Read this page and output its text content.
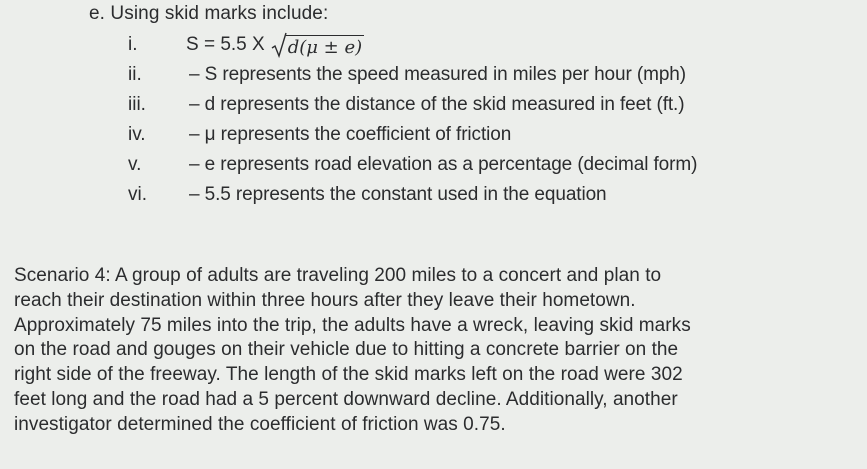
e. Using skid marks include:
i.	S = 5.5 X d(μ ± e)
ii. – S represents the speed measured in miles per hour (mph)
iii. – d represents the distance of the skid measured in feet (ft.)
iv. – μ represents the coefficient of friction
v.	– e represents road elevation as a percentage (decimal form)
vi. – 5.5 represents the constant used in the equation
Scenario 4: A group of adults are traveling 200 miles to a concert and plan to
reach their destination within three hours after they leave their hometown.
Approximately 75 miles into the trip, the adults have a wreck, leaving skid marks
on the road and gouges on their vehicle due to hitting a concrete barrier on the
right side of the freeway. The length of the skid marks left on the road were 302
feet long and the road had a 5 percent downward decline. Additionally, another
investigator determined the coefficient of friction was 0.75.
